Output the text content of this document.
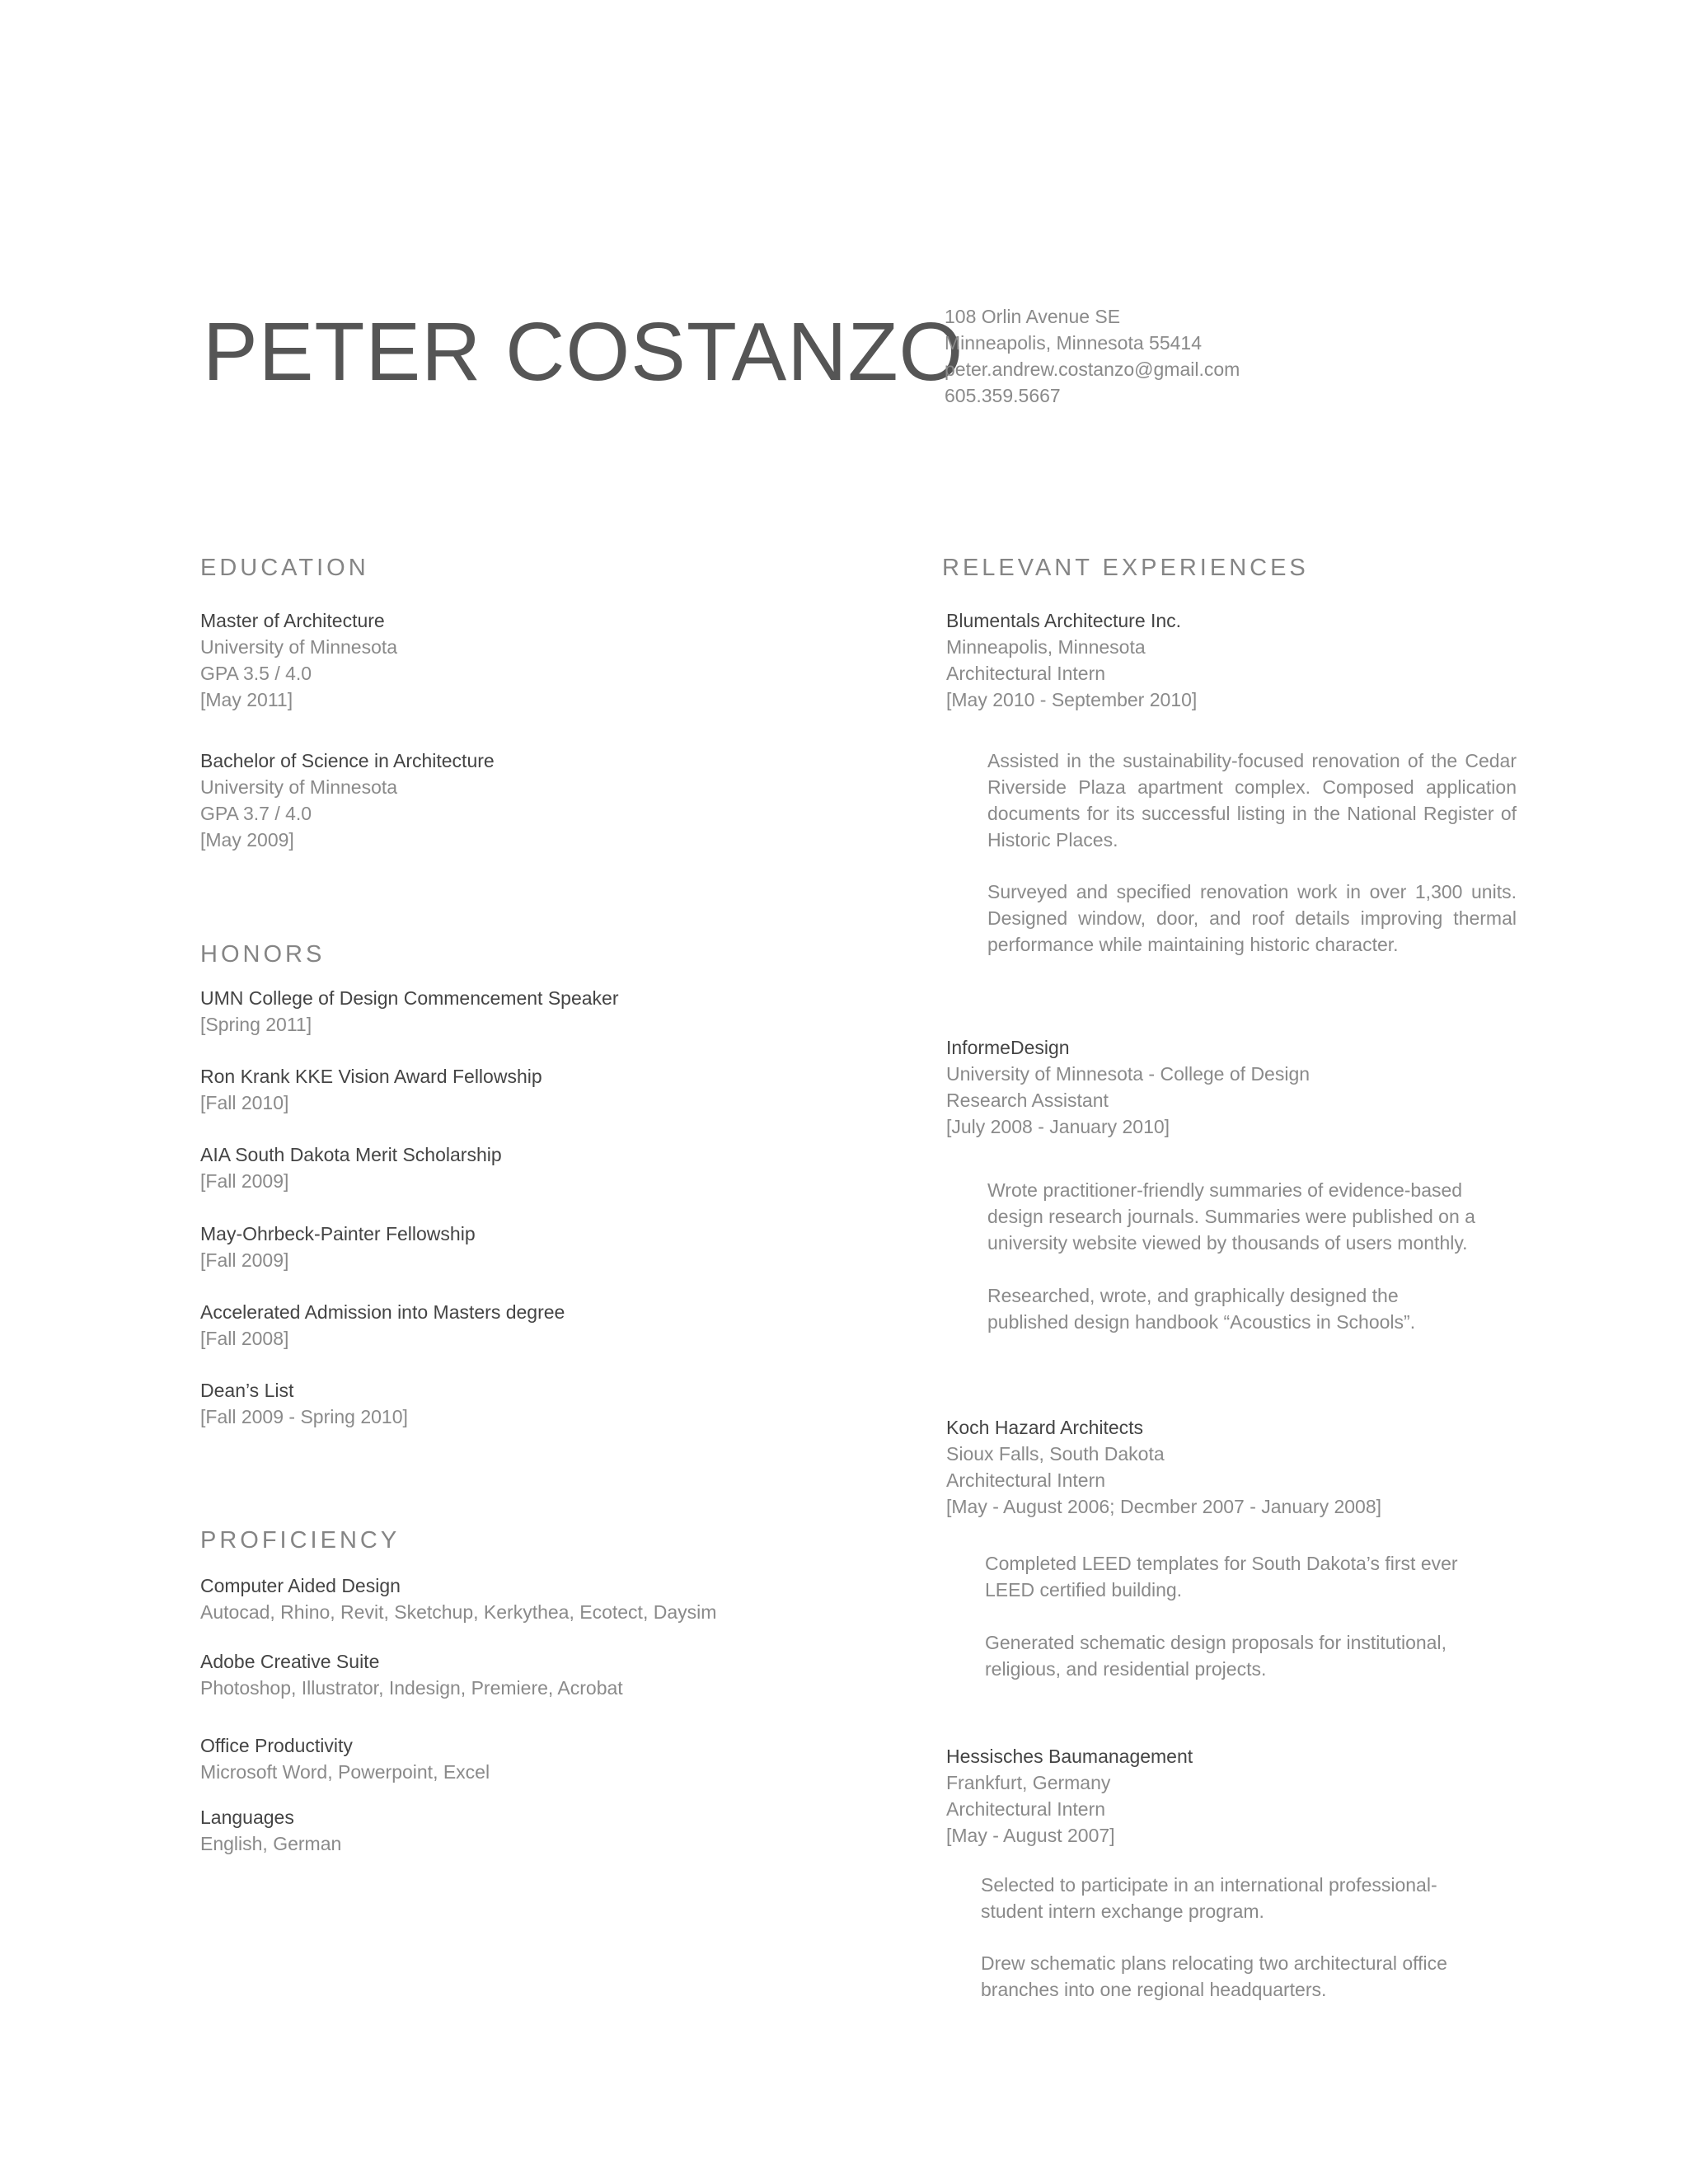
PETER COSTANZO
108 Orlin Avenue SE
Minneapolis, Minnesota 55414
peter.andrew.costanzo@gmail.com
605.359.5667
EDUCATION
Master of Architecture
University of Minnesota
GPA 3.5 / 4.0
[May 2011]
Bachelor of Science in Architecture
University of Minnesota
GPA 3.7 / 4.0
[May 2009]
HONORS
UMN College of Design Commencement Speaker
[Spring 2011]
Ron Krank KKE Vision Award Fellowship
[Fall 2010]
AIA South Dakota Merit Scholarship
[Fall 2009]
May-Ohrbeck-Painter Fellowship
[Fall 2009]
Accelerated Admission into Masters degree
[Fall 2008]
Dean’s List
[Fall 2009 - Spring 2010]
PROFICIENCY
Computer Aided Design
Autocad, Rhino, Revit, Sketchup, Kerkythea, Ecotect, Daysim
Adobe Creative Suite
Photoshop, Illustrator, Indesign, Premiere, Acrobat
Office Productivity
Microsoft Word, Powerpoint, Excel
Languages
English, German
RELEVANT EXPERIENCES
Blumentals Architecture Inc.
Minneapolis, Minnesota
Architectural Intern
[May 2010 - September 2010]
Assisted in the sustainability-focused renovation of the Cedar Riverside Plaza apartment complex. Composed application documents for its successful listing in the National Register of Historic Places.
Surveyed and specified renovation work in over 1,300 units. Designed window, door, and roof details improving thermal performance while maintaining historic character.
InformeDesign
University of Minnesota - College of Design
Research Assistant
[July 2008 - January 2010]
Wrote practitioner-friendly summaries of evidence-based design research journals. Summaries were published on a university website viewed by thousands of users monthly.
Researched, wrote, and graphically designed the published design handbook “Acoustics in Schools”.
Koch Hazard Architects
Sioux Falls, South Dakota
Architectural Intern
[May - August 2006; Decmber 2007 - January 2008]
Completed LEED templates for South Dakota’s first ever LEED certified building.
Generated schematic design proposals for institutional, religious, and residential projects.
Hessisches Baumanagement
Frankfurt, Germany
Architectural Intern
[May - August 2007]
Selected to participate in an international professional-student intern exchange program.
Drew schematic plans relocating two architectural office branches into one regional headquarters.
